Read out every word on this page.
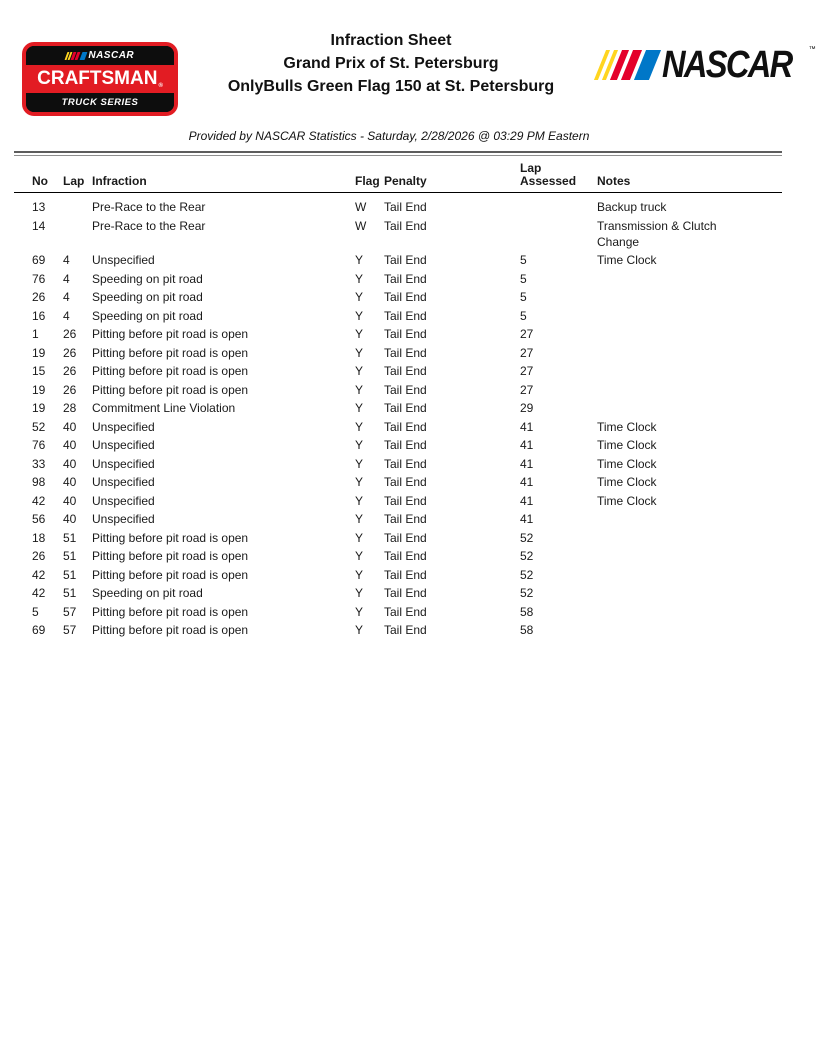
NASCAR
CRAFTSMAN ®
TRUCK SERIES
Infraction Sheet
Grand Prix of St. Petersburg
OnlyBulls Green Flag 150 at St. Petersburg
NASCAR ™
Provided by NASCAR Statistics - Saturday, 2/28/2026 @ 03:29 PM Eastern
No	Lap	Infraction	Flag	Penalty	Lap
Assessed	Notes
13		Pre-Race to the Rear	W	Tail End		Backup truck

14		Pre-Race to the Rear	W	Tail End		Transmission & Clutch Change

69	4	Unspecified	Y	Tail End	5	Time Clock

76	4	Speeding on pit road	Y	Tail End	5	

26	4	Speeding on pit road	Y	Tail End	5	

16	4	Speeding on pit road	Y	Tail End	5	

1	26	Pitting before pit road is open	Y	Tail End	27	

19	26	Pitting before pit road is open	Y	Tail End	27	

15	26	Pitting before pit road is open	Y	Tail End	27	

19	26	Pitting before pit road is open	Y	Tail End	27	

19	28	Commitment Line Violation	Y	Tail End	29	

52	40	Unspecified	Y	Tail End	41	Time Clock

76	40	Unspecified	Y	Tail End	41	Time Clock

33	40	Unspecified	Y	Tail End	41	Time Clock

98	40	Unspecified	Y	Tail End	41	Time Clock

42	40	Unspecified	Y	Tail End	41	Time Clock

56	40	Unspecified	Y	Tail End	41	

18	51	Pitting before pit road is open	Y	Tail End	52	

26	51	Pitting before pit road is open	Y	Tail End	52	

42	51	Pitting before pit road is open	Y	Tail End	52	

42	51	Speeding on pit road	Y	Tail End	52	

5	57	Pitting before pit road is open	Y	Tail End	58	

69	57	Pitting before pit road is open	Y	Tail End	58	
